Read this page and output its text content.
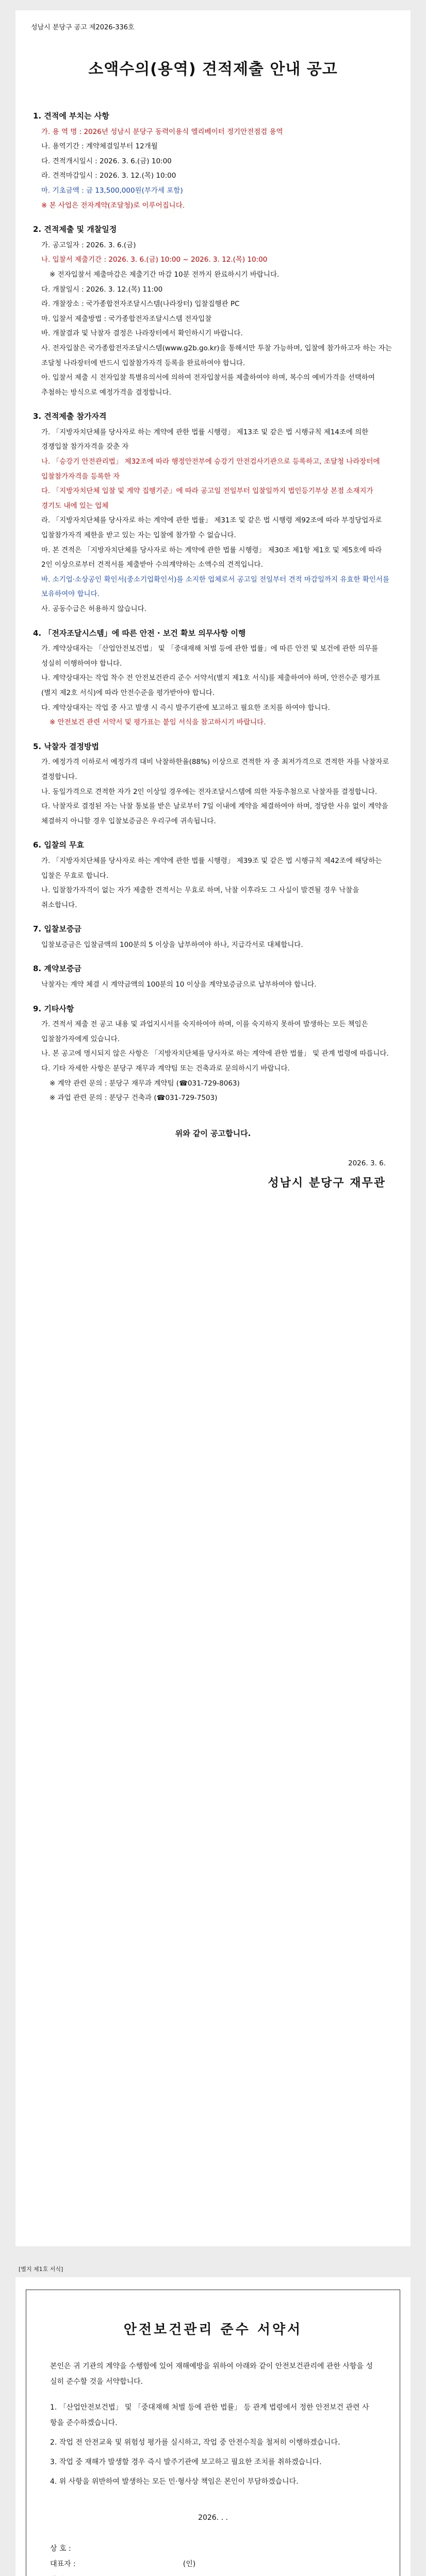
성남시 분당구 공고 제2026-336호
소액수의(용역) 견적제출 안내 공고
1. 견적에 부치는 사항
가. 용 역 명 : 2026년 성남시 분당구 동력이용식 엘리베이터 정기안전점검 용역
나. 용역기간 : 계약체결일부터 12개월
다. 견적개시일시 : 2026. 3. 6.(금) 10:00
라. 견적마감일시 : 2026. 3. 12.(목) 10:00
마. 기초금액 : 금 13,500,000원(부가세 포함)
※ 본 사업은 전자계약(조달청)로 이루어집니다.
2. 견적제출 및 개찰일정
가. 공고일자 : 2026. 3. 6.(금)
나. 입찰서 제출기간 : 2026. 3. 6.(금) 10:00 ~ 2026. 3. 12.(목) 10:00
※ 전자입찰서 제출마감은 제출기간 마감 10분 전까지 완료하시기 바랍니다.
다. 개찰일시 : 2026. 3. 12.(목) 11:00
라. 개찰장소 : 국가종합전자조달시스템(나라장터) 입찰집행관 PC
마. 입찰서 제출방법 : 국가종합전자조달시스템 전자입찰
바. 개찰결과 및 낙찰자 결정은 나라장터에서 확인하시기 바랍니다.
사. 전자입찰은 국가종합전자조달시스템(www.g2b.go.kr)을 통해서만 투찰 가능하며, 입찰에 참가하고자 하는 자는 조달청 나라장터에 반드시 입찰참가자격 등록을 완료하여야 합니다.
아. 입찰서 제출 시 전자입찰 특별유의서에 의하여 전자입찰서를 제출하여야 하며, 복수의 예비가격을 선택하여 추첨하는 방식으로 예정가격을 결정합니다.
3. 견적제출 참가자격
가. 「지방자치단체를 당사자로 하는 계약에 관한 법률 시행령」 제13조 및 같은 법 시행규칙 제14조에 의한 경쟁입찰 참가자격을 갖춘 자
나. 「승강기 안전관리법」 제32조에 따라 행정안전부에 승강기 안전검사기관으로 등록하고, 조달청 나라장터에 입찰참가자격을 등록한 자
다. 「지방자치단체 입찰 및 계약 집행기준」에 따라 공고일 전일부터 입찰일까지 법인등기부상 본점 소재지가 경기도 내에 있는 업체
라. 「지방자치단체를 당사자로 하는 계약에 관한 법률」 제31조 및 같은 법 시행령 제92조에 따라 부정당업자로 입찰참가자격 제한을 받고 있는 자는 입찰에 참가할 수 없습니다.
마. 본 견적은 「지방자치단체를 당사자로 하는 계약에 관한 법률 시행령」 제30조 제1항 제1호 및 제5호에 따라 2인 이상으로부터 견적서를 제출받아 수의계약하는 소액수의 견적입니다.
바. 소기업·소상공인 확인서(중소기업확인서)를 소지한 업체로서 공고일 전일부터 견적 마감일까지 유효한 확인서를 보유하여야 합니다.
사. 공동수급은 허용하지 않습니다.
4. 「전자조달시스템」에 따른 안전 · 보건 확보 의무사항 이행
가. 계약상대자는 「산업안전보건법」 및 「중대재해 처벌 등에 관한 법률」에 따른 안전 및 보건에 관한 의무를 성실히 이행하여야 합니다.
나. 계약상대자는 작업 착수 전 안전보건관리 준수 서약서(별지 제1호 서식)를 제출하여야 하며, 안전수준 평가표(별지 제2호 서식)에 따라 안전수준을 평가받아야 합니다.
다. 계약상대자는 작업 중 사고 발생 시 즉시 발주기관에 보고하고 필요한 조치를 하여야 합니다.
※ 안전보건 관련 서약서 및 평가표는 붙임 서식을 참고하시기 바랍니다.
5. 낙찰자 결정방법
가. 예정가격 이하로서 예정가격 대비 낙찰하한율(88%) 이상으로 견적한 자 중 최저가격으로 견적한 자를 낙찰자로 결정합니다.
나. 동일가격으로 견적한 자가 2인 이상일 경우에는 전자조달시스템에 의한 자동추첨으로 낙찰자를 결정합니다.
다. 낙찰자로 결정된 자는 낙찰 통보를 받은 날로부터 7일 이내에 계약을 체결하여야 하며, 정당한 사유 없이 계약을 체결하지 아니할 경우 입찰보증금은 우리구에 귀속됩니다.
6. 입찰의 무효
가. 「지방자치단체를 당사자로 하는 계약에 관한 법률 시행령」 제39조 및 같은 법 시행규칙 제42조에 해당하는 입찰은 무효로 합니다.
나. 입찰참가자격이 없는 자가 제출한 견적서는 무효로 하며, 낙찰 이후라도 그 사실이 발견될 경우 낙찰을 취소합니다.
7. 입찰보증금
입찰보증금은 입찰금액의 100분의 5 이상을 납부하여야 하나, 지급각서로 대체합니다.
8. 계약보증금
낙찰자는 계약 체결 시 계약금액의 100분의 10 이상을 계약보증금으로 납부하여야 합니다.
9. 기타사항
가. 견적서 제출 전 공고 내용 및 과업지시서를 숙지하여야 하며, 이를 숙지하지 못하여 발생하는 모든 책임은 입찰참가자에게 있습니다.
나. 본 공고에 명시되지 않은 사항은 「지방자치단체를 당사자로 하는 계약에 관한 법률」 및 관계 법령에 따릅니다.
다. 기타 자세한 사항은 분당구 재무과 계약팀 또는 건축과로 문의하시기 바랍니다.
※ 계약 관련 문의 : 분당구 재무과 계약팀 (☎031-729-8063)
※ 과업 관련 문의 : 분당구 건축과 (☎031-729-7503)
위와 같이 공고합니다.
2026. 3. 6.
성남시 분당구 재무관
[별지 제1호 서식]
안전보건관리 준수 서약서
본인은 귀 기관의 계약을 수행함에 있어 재해예방을 위하여 아래와 같이 안전보건관리에 관한 사항을 성실히 준수할 것을 서약합니다.
1. 「산업안전보건법」 및 「중대재해 처벌 등에 관한 법률」 등 관계 법령에서 정한 안전보건 관련 사항을 준수하겠습니다.
2. 작업 전 안전교육 및 위험성 평가를 실시하고, 작업 중 안전수칙을 철저히 이행하겠습니다.
3. 작업 중 재해가 발생할 경우 즉시 발주기관에 보고하고 필요한 조치를 취하겠습니다.
4. 위 사항을 위반하여 발생하는 모든 민·형사상 책임은 본인이 부담하겠습니다.
2026. . .
상 호 :
대표자 :	(인)
